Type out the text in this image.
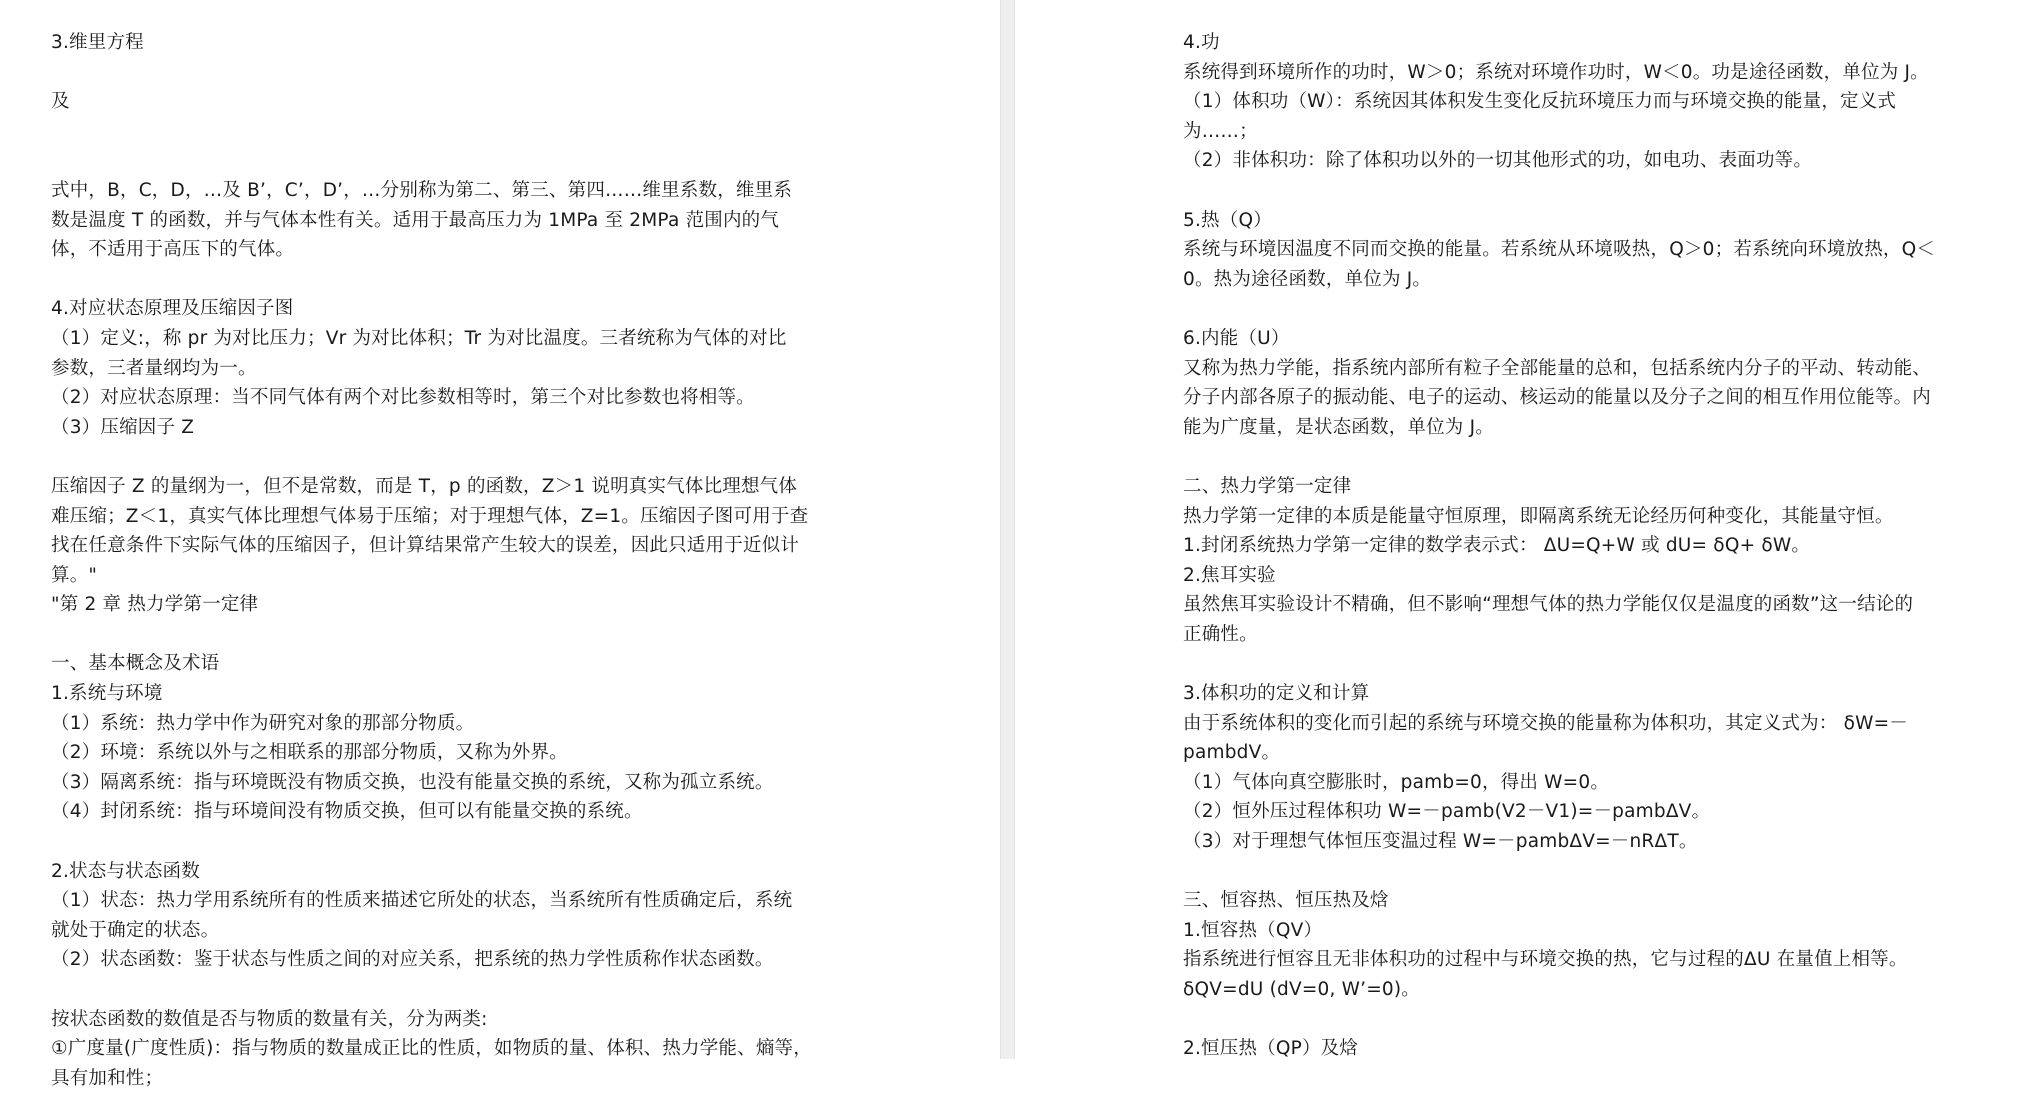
3.维里方程
及
式中，B，C，D，…及 B’，C’，D’，…分别称为第二、第三、第四……维里系数，维里系
数是温度 T 的函数，并与气体本性有关。适用于最高压力为 1MPa 至 2MPa 范围内的气
体，不适用于高压下的气体。
4.对应状态原理及压缩因子图
（1）定义:，称 pr 为对比压力；Vr 为对比体积；Tr 为对比温度。三者统称为气体的对比
参数，三者量纲均为一。
（2）对应状态原理：当不同气体有两个对比参数相等时，第三个对比参数也将相等。
（3）压缩因子 Z
压缩因子 Z 的量纲为一，但不是常数，而是 T，p 的函数，Z＞1 说明真实气体比理想气体
难压缩；Z＜1，真实气体比理想气体易于压缩；对于理想气体，Z=1。压缩因子图可用于查
找在任意条件下实际气体的压缩因子，但计算结果常产生较大的误差，因此只适用于近似计
算。"
"第 2 章 热力学第一定律
一、基本概念及术语
1.系统与环境
（1）系统：热力学中作为研究对象的那部分物质。
（2）环境：系统以外与之相联系的那部分物质，又称为外界。
（3）隔离系统：指与环境既没有物质交换，也没有能量交换的系统，又称为孤立系统。
（4）封闭系统：指与环境间没有物质交换，但可以有能量交换的系统。
2.状态与状态函数
（1）状态：热力学用系统所有的性质来描述它所处的状态，当系统所有性质确定后，系统
就处于确定的状态。
（2）状态函数：鉴于状态与性质之间的对应关系，把系统的热力学性质称作状态函数。
按状态函数的数值是否与物质的数量有关，分为两类:
①广度量(广度性质)：指与物质的数量成正比的性质，如物质的量、体积、热力学能、熵等，
具有加和性；
4.功
系统得到环境所作的功时，W＞0；系统对环境作功时，W＜0。功是途径函数，单位为 J。
（1）体积功（W）：系统因其体积发生变化反抗环境压力而与环境交换的能量，定义式
为……；
（2）非体积功：除了体积功以外的一切其他形式的功，如电功、表面功等。
5.热（Q）
系统与环境因温度不同而交换的能量。若系统从环境吸热，Q＞0；若系统向环境放热，Q＜
0。热为途径函数，单位为 J。
6.内能（U）
又称为热力学能，指系统内部所有粒子全部能量的总和，包括系统内分子的平动、转动能、
分子内部各原子的振动能、电子的运动、核运动的能量以及分子之间的相互作用位能等。内
能为广度量，是状态函数，单位为 J。
二、热力学第一定律
热力学第一定律的本质是能量守恒原理，即隔离系统无论经历何种变化，其能量守恒。
1.封闭系统热力学第一定律的数学表示式： ΔU=Q+W 或 dU= δQ+ δW。
2.焦耳实验
虽然焦耳实验设计不精确，但不影响“理想气体的热力学能仅仅是温度的函数”这一结论的
正确性。
3.体积功的定义和计算
由于系统体积的变化而引起的系统与环境交换的能量称为体积功，其定义式为： δW=－
pambdV。
（1）气体向真空膨胀时，pamb=0，得出 W=0。
（2）恒外压过程体积功 W=－pamb(V2－V1)=－pambΔV。
（3）对于理想气体恒压变温过程 W=－pambΔV=－nRΔT。
三、恒容热、恒压热及焓
1.恒容热（QV）
指系统进行恒容且无非体积功的过程中与环境交换的热，它与过程的ΔU 在量值上相等。
δQV=dU (dV=0, W’=0)。
2.恒压热（QP）及焓
